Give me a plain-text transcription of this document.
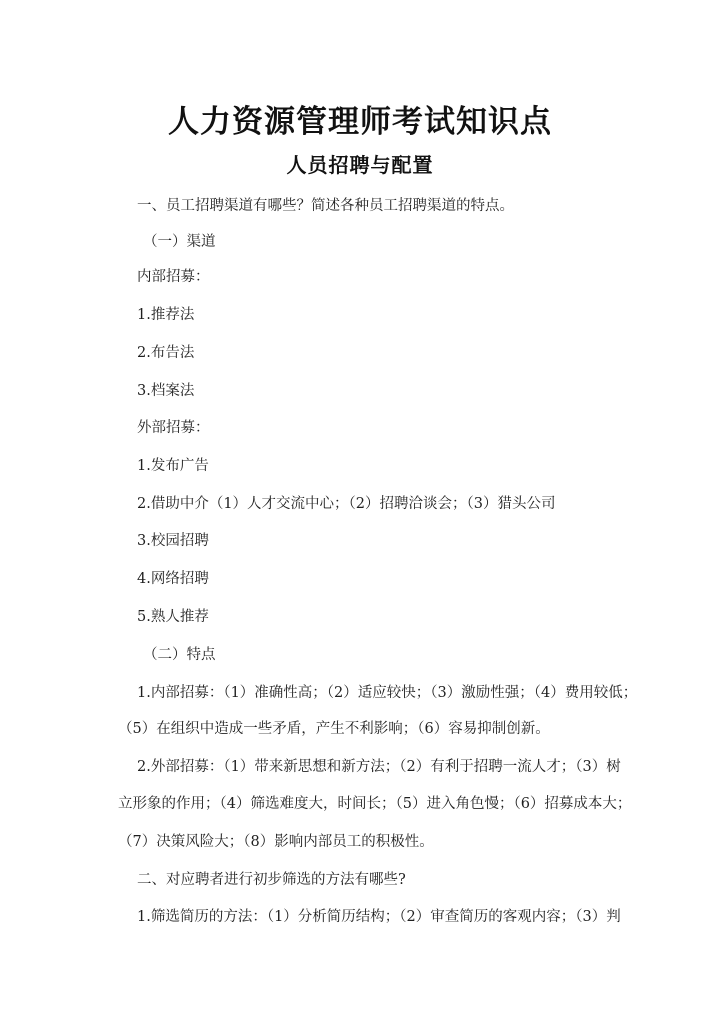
人力资源管理师考试知识点
人员招聘与配置

一、员工招聘渠道有哪些？简述各种员工招聘渠道的特点。

（一）渠道

内部招募：

1.推荐法

2.布告法

3.档案法

外部招募：

1.发布广告

2.借助中介（1）人才交流中心；（2）招聘洽谈会；（3）猎头公司

3.校园招聘

4.网络招聘

5.熟人推荐

（二）特点

1.内部招募：（1）准确性高；（2）适应较快；（3）激励性强；（4）费用较低；

（5）在组织中造成一些矛盾，产生不利影响；（6）容易抑制创新。

2.外部招募：（1）带来新思想和新方法；（2）有利于招聘一流人才；（3）树

立形象的作用；（4）筛选难度大，时间长；（5）进入角色慢；（6）招募成本大；

（7）决策风险大；（8）影响内部员工的积极性。

二、对应聘者进行初步筛选的方法有哪些?

1.筛选简历的方法：（1）分析简历结构；（2）审查简历的客观内容；（3）判
